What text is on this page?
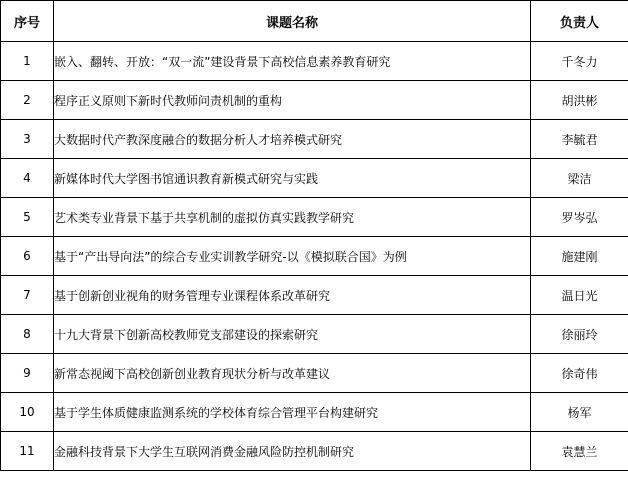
序号	课题名称	负责人
1	嵌入、翻转、开放：“双一流”建设背景下高校信息素养教育研究	千冬力
2	程序正义原则下新时代教师问责机制的重构	胡洪彬
3	大数据时代产教深度融合的数据分析人才培养模式研究	李毓君
4	新媒体时代大学图书馆通识教育新模式研究与实践	梁洁
5	艺术类专业背景下基于共享机制的虚拟仿真实践教学研究	罗岑弘
6	基于“产出导向法”的综合专业实训教学研究-以《模拟联合国》为例	施建刚
7	基于创新创业视角的财务管理专业课程体系改革研究	温日光
8	十九大背景下创新高校教师党支部建设的探索研究	徐丽玲
9	新常态视阈下高校创新创业教育现状分析与改革建议	徐奇伟
10	基于学生体质健康监测系统的学校体育综合管理平台构建研究	杨军
11	金融科技背景下大学生互联网消费金融风险防控机制研究	袁慧兰
